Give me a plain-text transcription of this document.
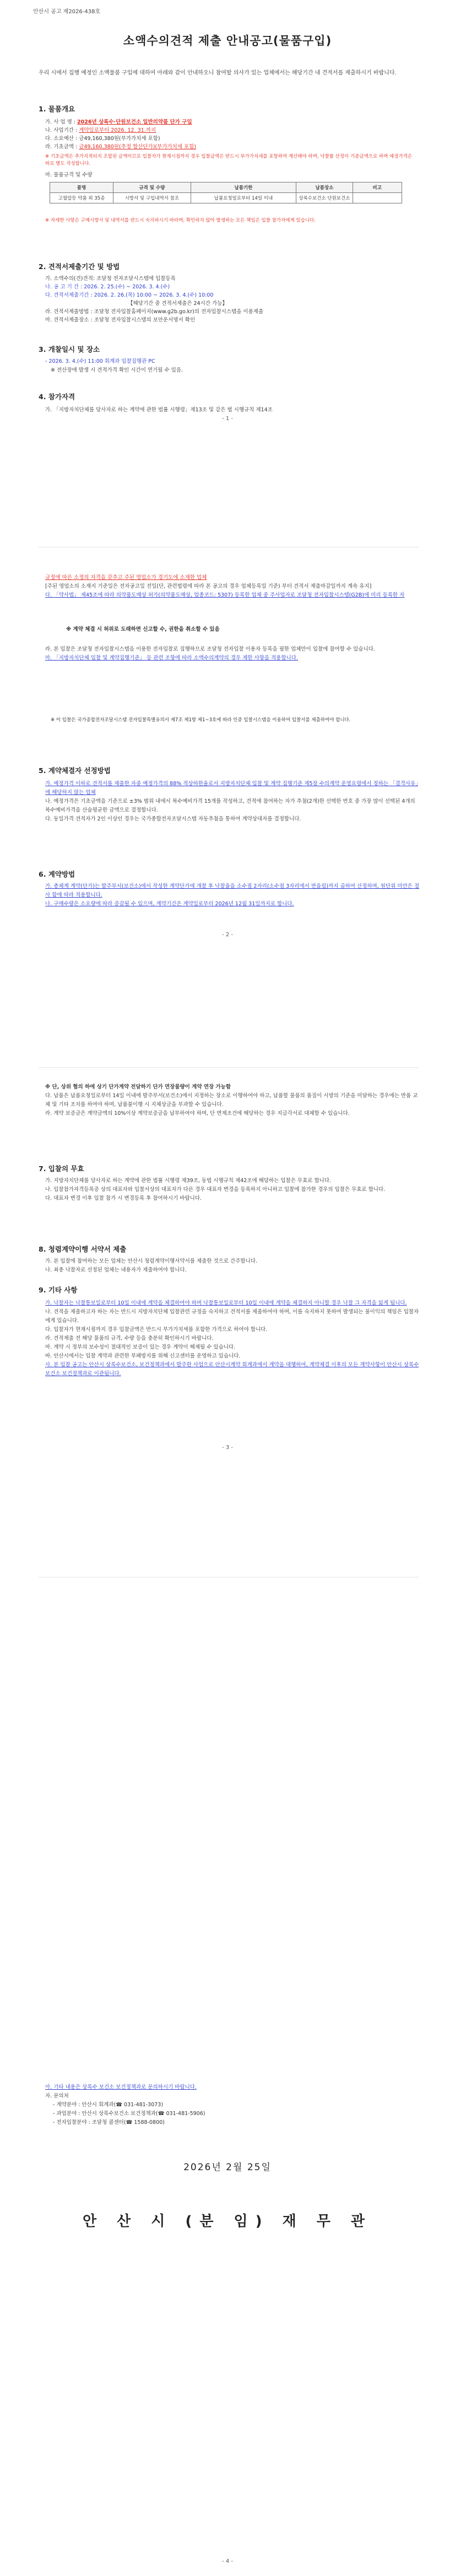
안산시 공고 제2026-438호
소액수의견적 제출 안내공고(물품구입)
우리 시에서 집행 예정인 소액물품 구입에 대하여 아래와 같이 안내하오니 참여할 의사가 있는 업체에서는 해당기간 내 견적서를 제출하시기 바랍니다.
1. 물품개요
가. 사 업 명 : 2026년 상록수·단원보건소 일반의약품 단가 구입
나. 사업기간 : 계약일로부터 2026. 12. 31.까지
다. 소요예산 : 금49,160,380원(부가가치세 포함)
라. 기초금액 : 금49,160,380원(추정 합산단가)(부가가치세 포함)
※ 기초금액은 추가지적되지 조합된 금액이므로 입찰자가 현재시점까지 경우 입찰금액은 반드시 부가가치세를 포함하여 계산해야 하며, 낙찰률 산정이 기준금액으로 하며 예정가격은 따로 별도 작성합니다.
마. 물품규격 및 수량
품명	규격 및 수량	납품기한	납품장소	비고
고혈압등 약품 외 35종	시방서 및 구입내역서 참조	납품요청일로부터 14일 이내	상록수보건소 단원보건소	
※ 자세한 사항은 구매시방서 및 내역서를 반드시 숙지하시기 바라며, 확인하지 않아 발생하는 모든 책임은 입찰 참가자에게 있습니다.
2. 견적서제출기간 및 방법
가. 소액수의(견)견적: 조달청 전자조달시스템에 입찰등록
나. 공 고 기 간 : 2026. 2. 25.(수) ~ 2026. 3. 4.(수)
다. 견적서제출기간 : 2026. 2. 26.(목) 10:00 ~ 2026. 3. 4.(수) 10:00
【해당기간 중 견적서제출은 24시간 가능】
라. 견적서제출방법 : 조달청 전자입찰홈페이지(www.g2b.go.kr)의 전자입찰시스템을 이용제출
마. 견적서제출장소 : 조달청 전자입찰시스템의 보안운서명서 확인
3. 개찰일시 및 장소
- 2026. 3. 4.(수) 11:00 회계과 입찰집행관 PC
※ 전산장애 발생 시 견적가격 확인 시간이 연기될 수 있음.
4. 참가자격
가. 「지방자치단체를 당사자로 하는 계약에 관한 법률 시행령」제13조 및 같은 법 시행규칙 제14조
- 1 -
규정에 따른 소정의 자격을 갖추고 주된 영업소가 경기도에 소재한 업체
[주된 영업소의 소재지 기준일은 전자공고일 전일(단, 관련법령에 따라 본 공고의 경우 업체등록일 기준) 부터 견적서 제출마감일까지 계속 유지]
다. 「약사법」 제45조에 따라 의약품도매상 허가(의약품도매상, 업종코드: 5307) 등록한 업체 중 주사업자로 조달청 전자입찰시스템(G2B)에 미리 등록한 자
※ 계약 체결 시 허위로 도래하면 신고할 수, 권한을 취소할 수 있음
라. 본 입찰은 조달청 전자입찰시스템을 이용한 전자입찰로 집행하므로 조달청 전자입찰 이용자 등록을 필한 업체만이 입찰에 참여할 수 있습니다.
마. 「지방자치단체 입찰 및 계약집행기준」 등 관련 조항에 따라 소액수의계약의 경우 제한 사항을 적용합니다.
※ 이 입찰은 국가종합전자조달시스템 전자입찰특별유의서 제7조 제1항 제1~3호에 따라 인증 입찰시스템을 이용하여 입찰서를 제출하여야 합니다.
5. 계약체결자 선정방법
가. 예정가격 이하로 견적서를 제출한 자중 예정가격의 88% 적상하한율로서 지방자치단체 입찰 및 계약 집행기준 제5장 수의계약 운영요령에서 정하는 「결격사유」에 해당하지 않는 업체
나. 예정가격은 기초금액을 기준으로 ±3% 범위 내에서 복수예비가격 15개를 작성하고, 견적에 참여하는 자가 추첨(2개)한 선택한 번호 중 가장 많이 선택된 4개의 복수예비가격을 산술평균한 금액으로 결정합니다.
다. 동일가격 견적자가 2인 이상인 경우는 국가종합전자조달시스템 자동추첨을 통하여 계약상대자를 결정합니다.
6. 계약방법
가. 총체계 계약(단가)는 발주부서(보건소)에서 작성한 계약단가에 개찰 후 낙찰율을 소수점 2자리(소수점 3자리에서 반올림)까지 곱하여 산정하며, 원단위 미만은 절사 함에 따라 적용합니다.
나. 구매수량은 소요량에 따라 증감될 수 있으며, 계약기간은 계약일로부터 2026년 12월 31일까지로 합니다.
- 2 -
※ 단, 상위 협의 하에 상기 단가계약 전달하기 단가 연장물량이 계약 연장 가능함
다. 납품은 납품요청일로부터 14일 이내에 발주부서(보건소)에서 지정하는 장소로 이행하여야 하고, 납품할 물품의 품질이 시방의 기준을 미달하는 경우에는 반품 교체 및 기타 조치를 하여야 하며, 납품불이행 시 지체상금을 부과할 수 있습니다.
라. 계약 보증금은 계약금액의 10%이상 계약보증금을 납부하여야 하며, 단 면제조건에 해당하는 경우 지급각서로 대체할 수 있습니다.
7. 입찰의 무효
가. 지방자치단체를 당사자로 하는 계약에 관한 법률 시행령 제39조, 동법 시행규칙 제42조에 해당하는 입찰은 무효로 합니다.
나. 입찰참가자격등록증 상의 대표자와 입찰서상의 대표자가 다른 경우 대표자 변경을 등록하지 아니하고 입찰에 참가한 경우의 입찰은 무효로 합니다.
다. 대표자 변경 이후 입찰 참가 시 변경등록 후 참여하시기 바랍니다.
8. 청렴계약이행 서약서 제출
가. 본 입찰에 참여하는 모든 업체는 안산시 청렴계약이행서약서를 제출한 것으로 간주합니다.
나. 최종 낙찰자로 선정된 업체는 내용자가 제출하여야 합니다.
9. 기타 사항
가. 낙찰자는 낙찰통보일로부터 10일 이내에 계약을 체결하여야 하며 낙찰통보일로부터 10일 이내에 계약을 체결하지 아니할 경우 낙찰 그 자격을 잃게 됩니다.
나. 견적을 제출하고자 하는 자는 반드시 지방자치단체 입찰관련 규정을 숙지하고 견적서를 제출하여야 하며, 이를 숙지하지 못하여 발생되는 불이익의 책임은 입찰자에게 있습니다.
다. 입찰자가 현재시점까지 경우 입찰금액은 반드시 부가가치세를 포함한 가격으로 하여야 합니다.
라. 견적제출 전 해당 물품의 규격, 수량 등을 충분히 확인하시기 바랍니다.
마. 계약 시 정부의 보수성이 절대적인 보증이 있는 경우 계약이 해제될 수 있습니다.
바. 안산시에서는 입찰 계약과 관련한 부패방지를 위해 신고센터를 운영하고 있습니다.
사. 본 입찰 공고는 안산시 상록수보건소, 보건정책과에서 발주한 사업으로 안산시계약 회계과에서 계약을 대행하여, 계약체결 이후의 모든 계약사항이 안산시 상록수보건소 보건정책과로 이관됩니다.
- 3 -
아. 기타 내용은 상록수 보건소 보건정책과로 문의하시기 바랍니다.
자. 문의처
- 계약분야 : 안산시 회계과(☎ 031-481-3073)
- 과업분야 : 안산시 상록수보건소 보건정책과(☎ 031-481-5906)
- 전자입찰분야 : 조달청 콜센터(☎ 1588-0800)
2026년 2월 25일
안 산 시 (분 임) 재 무 관
- 4 -
